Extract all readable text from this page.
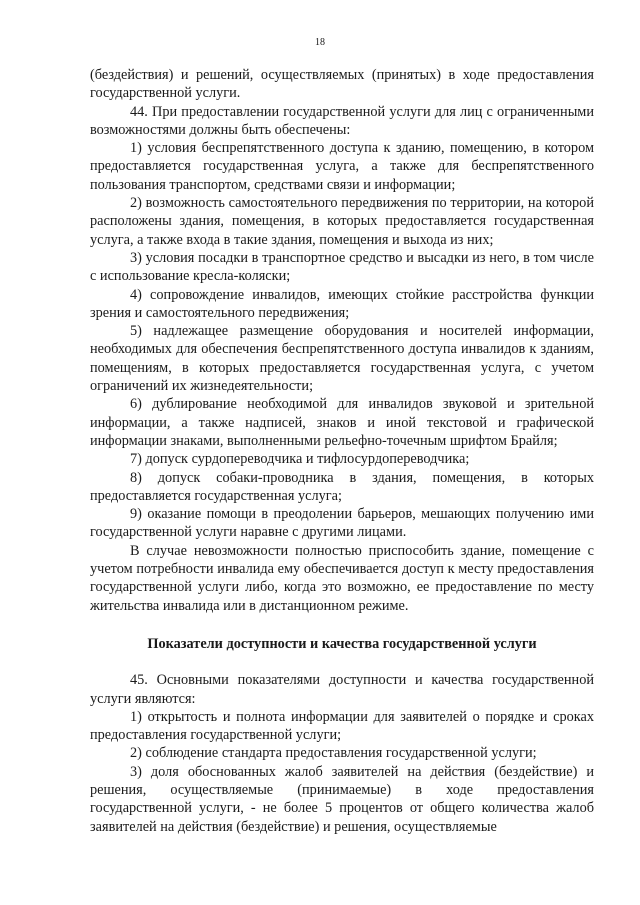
18

(бездействия) и решений, осуществляемых (принятых) в ходе предоставления государственной услуги.

44. При предоставлении государственной услуги для лиц с ограниченными возможностями должны быть обеспечены:

1) условия беспрепятственного доступа к зданию, помещению, в котором предоставляется государственная услуга, а также для беспрепятственного пользования транспортом, средствами связи и информации;

2) возможность самостоятельного передвижения по территории, на которой расположены здания, помещения, в которых предоставляется государственная услуга, а также входа в такие здания, помещения и выхода из них;

3) условия посадки в транспортное средство и высадки из него, в том числе с использование кресла-коляски;

4) сопровождение инвалидов, имеющих стойкие расстройства функции зрения и самостоятельного передвижения;

5) надлежащее размещение оборудования и носителей информации, необходимых для обеспечения беспрепятственного доступа инвалидов к зданиям, помещениям, в которых предоставляется государственная услуга, с учетом ограничений их жизнедеятельности;

6) дублирование необходимой для инвалидов звуковой и зрительной информации, а также надписей, знаков и иной текстовой и графической информации знаками, выполненными рельефно-точечным шрифтом Брайля;

7) допуск сурдопереводчика и тифлосурдопереводчика;

8) допуск собаки-проводника в здания, помещения, в которых предоставляется государственная услуга;

9) оказание помощи в преодолении барьеров, мешающих получению ими государственной услуги наравне с другими лицами.

В случае невозможности полностью приспособить здание, помещение с учетом потребности инвалида ему обеспечивается доступ к месту предоставления государственной услуги либо, когда это возможно, ее предоставление по месту жительства инвалида или в дистанционном режиме.

Показатели доступности и качества государственной услуги

45. Основными показателями доступности и качества государственной услуги являются:

1) открытость и полнота информации для заявителей о порядке и сроках предоставления государственной услуги;

2) соблюдение стандарта предоставления государственной услуги;

3) доля обоснованных жалоб заявителей на действия (бездействие) и решения, осуществляемые (принимаемые) в ходе предоставления государственной услуги, - не более 5 процентов от общего количества жалоб заявителей на действия (бездействие) и решения, осуществляемые
